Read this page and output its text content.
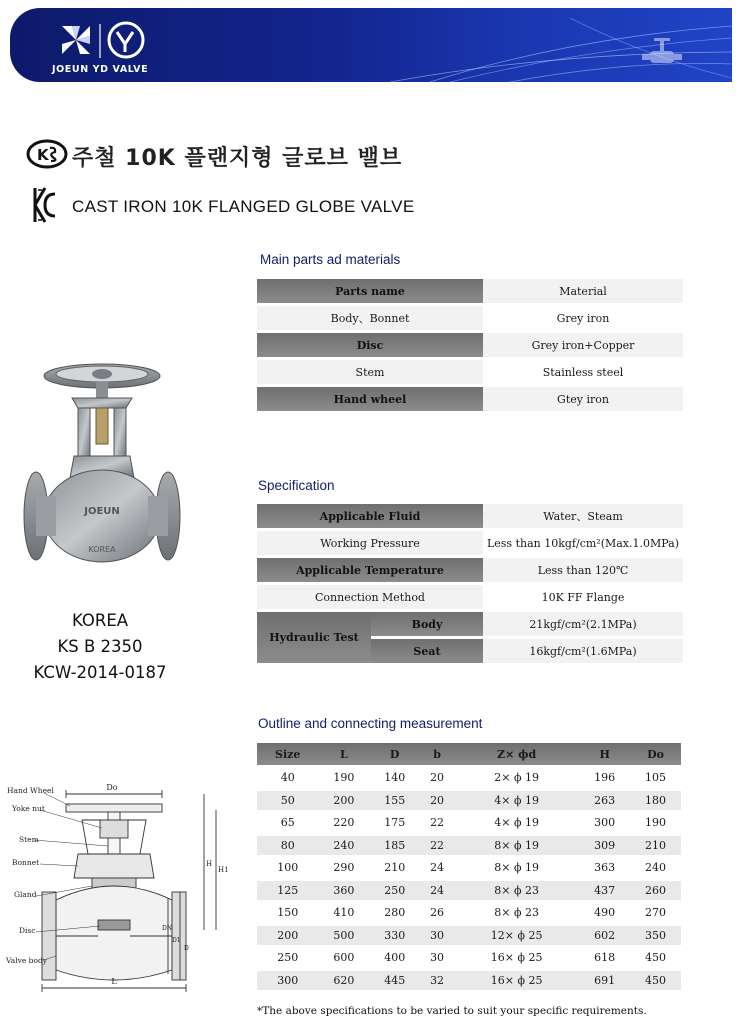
JOEUN YD VALVE
K 주철 10K 플랜지형 글로브 밸브
CAST IRON 10K FLANGED GLOBE VALVE
JOEUN
KOREA
KOREA
KS B 2350
KCW-2014-0187
Main parts ad materials
Parts name	Material
Body、Bonnet	Grey iron
Disc	Grey iron+Copper
Stem	Stainless steel
Hand wheel	Gtey iron
Specification
Applicable Fluid		Water、Steam
Working Pressure		Less than 10kgf/cm²(Max.1.0MPa)
Applicable Temperature		Less than 120℃
Connection Method		10K FF Flange
Hydraulic Test	Body	21kgf/cm²(2.1MPa)
	Seat	16kgf/cm²(1.6MPa)
Do
L
H
H1
DN
D1
D
Hand Wheel
Yoke nut
Stem
Bonnet
Gland
Disc
Valve body
Outline and connecting measurement
Size	L	D	b	Z× ϕd	H	Do
40	190	140	20	2× ϕ 19	196	105
50	200	155	20	4× ϕ 19	263	180
65	220	175	22	4× ϕ 19	300	190
80	240	185	22	8× ϕ 19	309	210
100	290	210	24	8× ϕ 19	363	240
125	360	250	24	8× ϕ 23	437	260
150	410	280	26	8× ϕ 23	490	270
200	500	330	30	12× ϕ 25	602	350
250	600	400	30	16× ϕ 25	618	450
300	620	445	32	16× ϕ 25	691	450
*The above specifications to be varied to suit your specific requirements.
